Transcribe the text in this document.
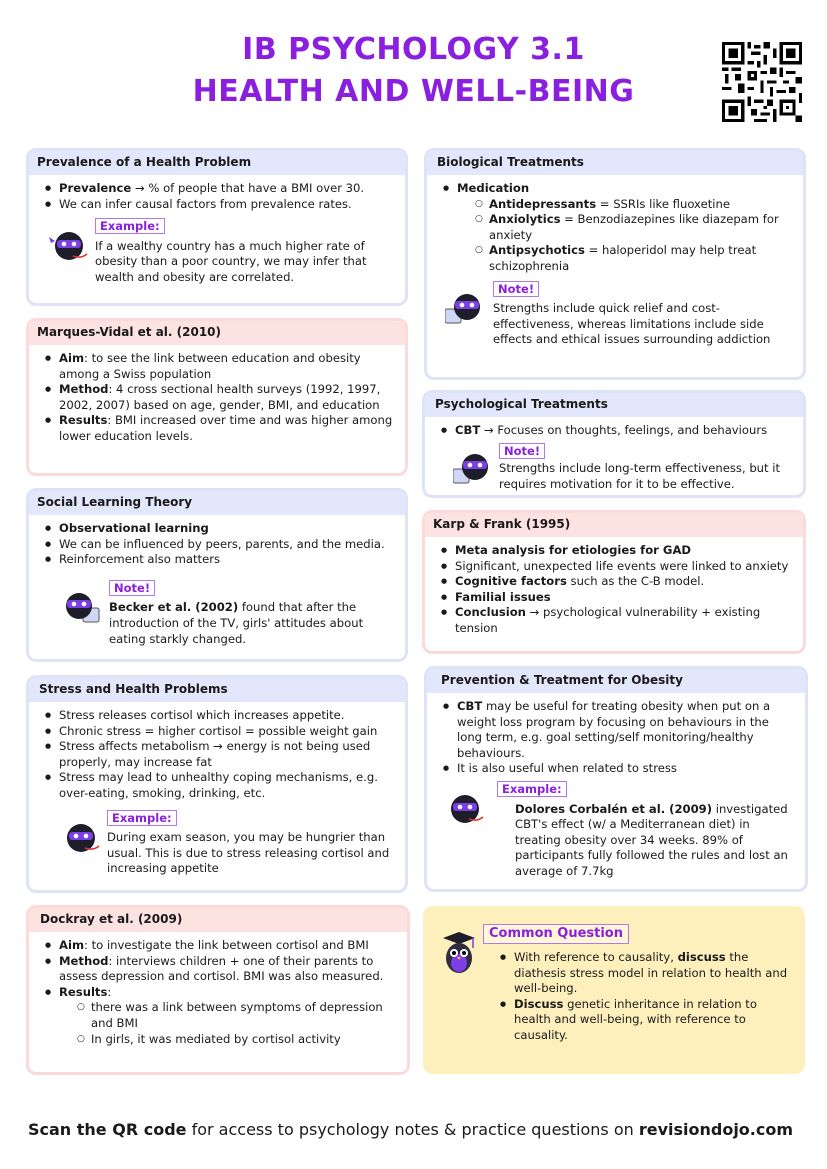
IB PSYCHOLOGY 3.1
HEALTH AND WELL-BEING
Prevalence of a Health Problem
● Prevalence → % of people that have a BMI over 30.
● We can infer causal factors from prevalence rates.
Example:
If a wealthy country has a much higher rate of obesity than a poor country, we may infer that wealth and obesity are correlated.
Marques-Vidal et al. (2010)
● Aim: to see the link between education and obesity among a Swiss population
● Method: 4 cross sectional health surveys (1992, 1997, 2002, 2007) based on age, gender, BMI, and education
● Results: BMI increased over time and was higher among lower education levels.
Social Learning Theory
● Observational learning
● We can be influenced by peers, parents, and the media.
● Reinforcement also matters
Note!
Becker et al. (2002) found that after the introduction of the TV, girls' attitudes about eating starkly changed.
Stress and Health Problems
● Stress releases cortisol which increases appetite.
● Chronic stress = higher cortisol = possible weight gain
● Stress affects metabolism → energy is not being used properly, may increase fat
● Stress may lead to unhealthy coping mechanisms, e.g. over-eating, smoking, drinking, etc.
Example:
During exam season, you may be hungrier than usual. This is due to stress releasing cortisol and increasing appetite
Dockray et al. (2009)
● Aim: to investigate the link between cortisol and BMI
● Method: interviews children + one of their parents to assess depression and cortisol. BMI was also measured.
● Results:
○ there was a link between symptoms of depression and BMI
○ In girls, it was mediated by cortisol activity
Biological Treatments
● Medication
○ Antidepressants = SSRIs like fluoxetine
○ Anxiolytics = Benzodiazepines like diazepam for anxiety
○ Antipsychotics = haloperidol may help treat schizophrenia
Note!
Strengths include quick relief and cost-effectiveness, whereas limitations include side effects and ethical issues surrounding addiction
Psychological Treatments
● CBT → Focuses on thoughts, feelings, and behaviours
Note!
Strengths include long-term effectiveness, but it requires motivation for it to be effective.
Karp & Frank (1995)
● Meta analysis for etiologies for GAD
● Significant, unexpected life events were linked to anxiety
● Cognitive factors such as the C-B model.
● Familial issues
● Conclusion → psychological vulnerability + existing tension
Prevention & Treatment for Obesity
● CBT may be useful for treating obesity when put on a weight loss program by focusing on behaviours in the long term, e.g. goal setting/self monitoring/healthy behaviours.
● It is also useful when related to stress
Example:
Dolores Corbalén et al. (2009) investigated CBT's effect (w/ a Mediterranean diet) in treating obesity over 34 weeks. 89% of participants fully followed the rules and lost an average of 7.7kg
Common Question
● With reference to causality, discuss the diathesis stress model in relation to health and well-being.
● Discuss genetic inheritance in relation to health and well-being, with reference to causality.
Scan the QR code for access to psychology notes & practice questions on revisiondojo.com
